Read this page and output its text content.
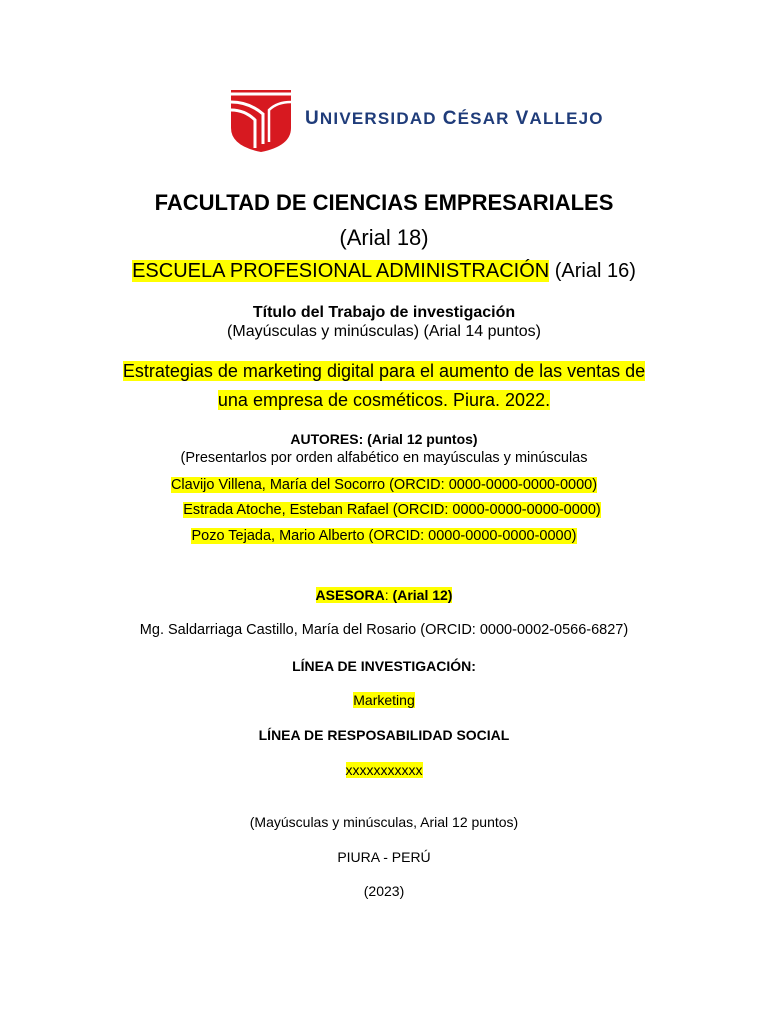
UNIVERSIDAD CÉSAR VALLEJO
FACULTAD DE CIENCIAS EMPRESARIALES
(Arial 18)
ESCUELA PROFESIONAL ADMINISTRACIÓN (Arial 16)
Título del Trabajo de investigación
(Mayúsculas y minúsculas) (Arial 14 puntos)
Estrategias de marketing digital para el aumento de las ventas de
una empresa de cosméticos. Piura. 2022.
AUTORES: (Arial 12 puntos)
(Presentarlos por orden alfabético en mayúsculas y minúsculas
Clavijo Villena, María del Socorro (ORCID: 0000-0000-0000-0000)
Estrada Atoche, Esteban Rafael (ORCID: 0000-0000-0000-0000)
Pozo Tejada, Mario Alberto (ORCID: 0000-0000-0000-0000)
ASESORA: (Arial 12)
Mg. Saldarriaga Castillo, María del Rosario (ORCID: 0000-0002-0566-6827)
LÍNEA DE INVESTIGACIÓN:
Marketing
LÍNEA DE RESPOSABILIDAD SOCIAL
xxxxxxxxxxx
(Mayúsculas y minúsculas, Arial 12 puntos)
PIURA - PERÚ
(2023)
